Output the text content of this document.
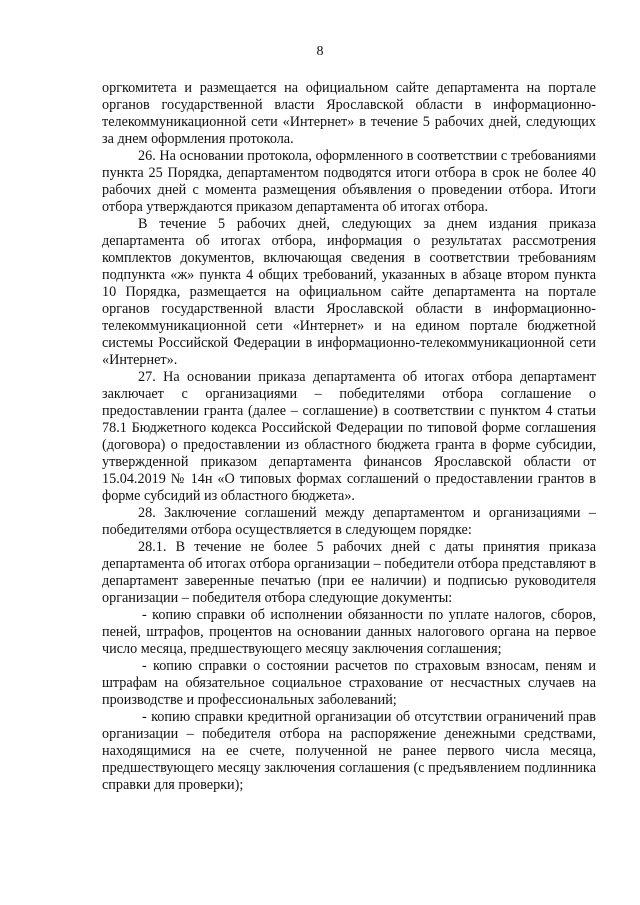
8

оргкомитета и размещается на официальном сайте департамента на портале органов государственной власти Ярославской области в информационно-телекоммуникационной сети «Интернет» в течение 5 рабочих дней, следующих за днем оформления протокола.

26. На основании протокола, оформленного в соответствии с требованиями пункта 25 Порядка, департаментом подводятся итоги отбора в срок не более 40 рабочих дней с момента размещения объявления о проведении отбора. Итоги отбора утверждаются приказом департамента об итогах отбора.

В течение 5 рабочих дней, следующих за днем издания приказа департамента об итогах отбора, информация о результатах рассмотрения комплектов документов, включающая сведения в соответствии требованиям подпункта «ж» пункта 4 общих требований, указанных в абзаце втором пункта 10 Порядка, размещается на официальном сайте департамента на портале органов государственной власти Ярославской области в информационно-телекоммуникационной сети «Интернет» и на едином портале бюджетной системы Российской Федерации в информационно-телекоммуникационной сети «Интернет».

27. На основании приказа департамента об итогах отбора департамент заключает с организациями – победителями отбора соглашение о предоставлении гранта (далее – соглашение) в соответствии с пунктом 4 статьи 78.1 Бюджетного кодекса Российской Федерации по типовой форме соглашения (договора) о предоставлении из областного бюджета гранта в форме субсидии, утвержденной приказом департамента финансов Ярославской области от 15.04.2019 № 14н «О типовых формах соглашений о предоставлении грантов в форме субсидий из областного бюджета».

28. Заключение соглашений между департаментом и организациями – победителями отбора осуществляется в следующем порядке:

28.1. В течение не более 5 рабочих дней с даты принятия приказа департамента об итогах отбора организации – победители отбора представляют в департамент заверенные печатью (при ее наличии) и подписью руководителя организации – победителя отбора следующие документы:

- копию справки об исполнении обязанности по уплате налогов, сборов, пеней, штрафов, процентов на основании данных налогового органа на первое число месяца, предшествующего месяцу заключения соглашения;

- копию справки о состоянии расчетов по страховым взносам, пеням и штрафам на обязательное социальное страхование от несчастных случаев на производстве и профессиональных заболеваний;

- копию справки кредитной организации об отсутствии ограничений прав организации – победителя отбора на распоряжение денежными средствами, находящимися на ее счете, полученной не ранее первого числа месяца, предшествующего месяцу заключения соглашения (с предъявлением подлинника справки для проверки);
